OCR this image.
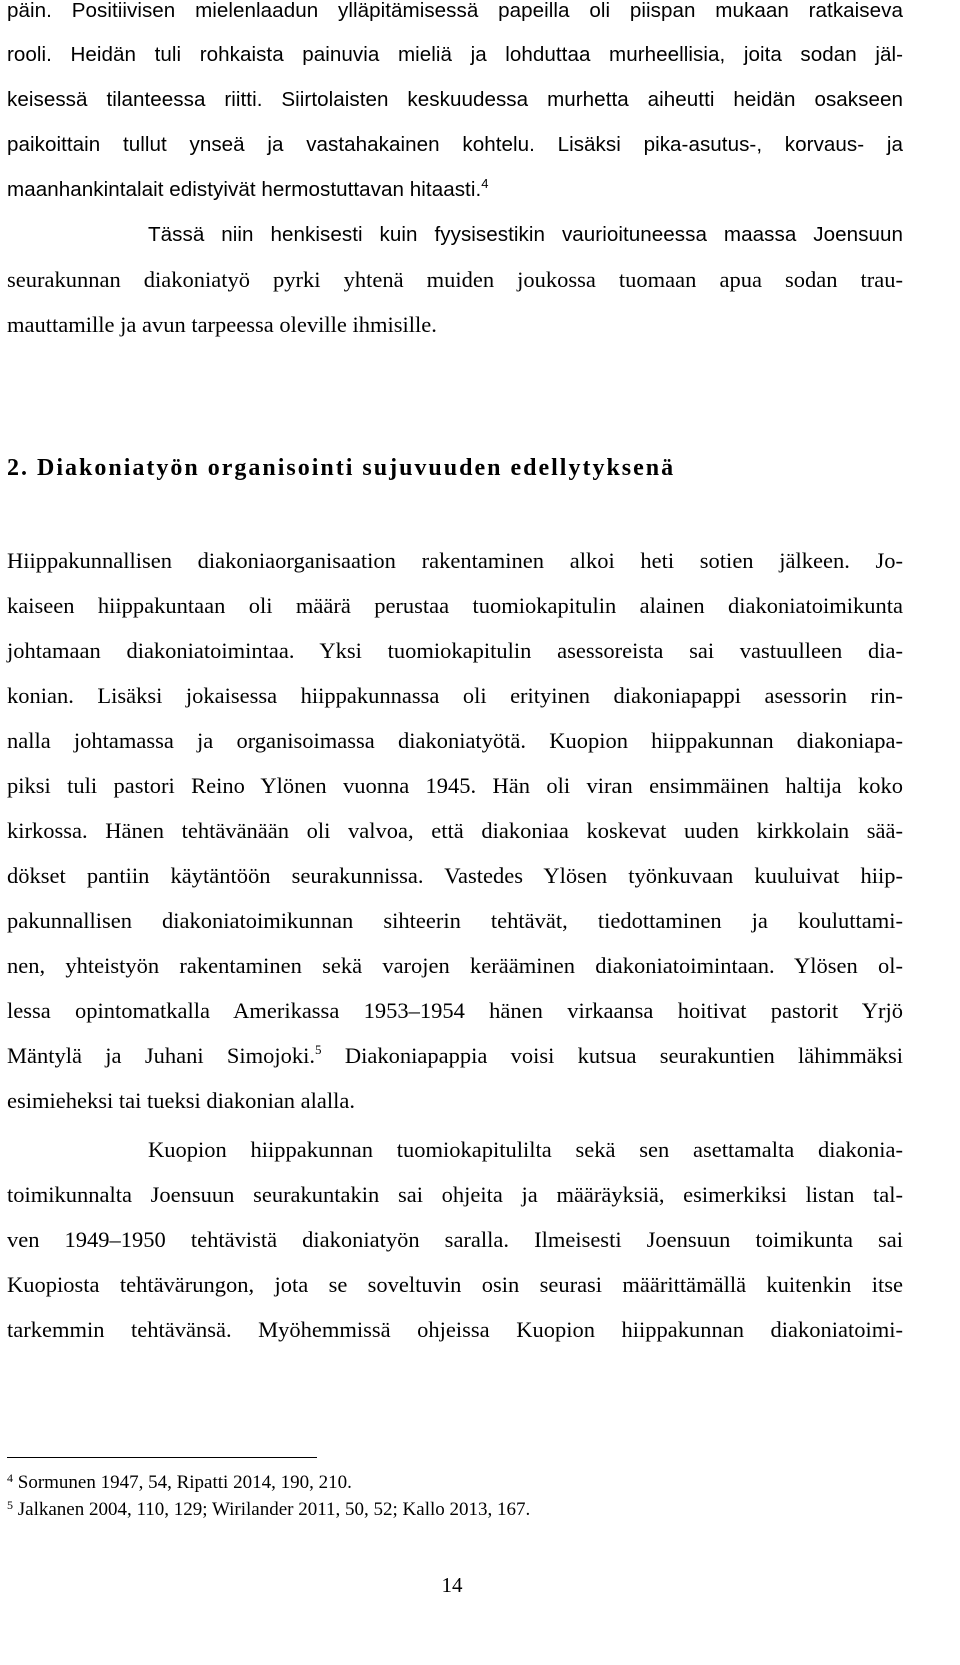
päin. Positiivisen mielenlaadun ylläpitämisessä papeilla oli piispan mukaan ratkaiseva
rooli. Heidän tuli rohkaista painuvia mieliä ja lohduttaa murheellisia, joita sodan jäl-
keisessä tilanteessa riitti. Siirtolaisten keskuudessa murhetta aiheutti heidän osakseen
paikoittain tullut ynseä ja vastahakainen kohtelu. Lisäksi pika-asutus-, korvaus- ja
maanhankintalait edistyivät hermostuttavan hitaasti.$^4$
Tässä niin henkisesti kuin fyysisestikin vaurioituneessa maassa Joensuun
seurakunnan diakoniatyö pyrki yhtenä muiden joukossa tuomaan apua sodan trau-
mauttamille ja avun tarpeessa oleville ihmisille.
2. Diakoniatyön organisointi sujuvuuden edellytyksenä
Hiippakunnallisen diakoniaorganisaation rakentaminen alkoi heti sotien jälkeen. Jo-
kaiseen hiippakuntaan oli määrä perustaa tuomiokapitulin alainen diakoniatoimikunta
johtamaan diakoniatoimintaa. Yksi tuomiokapitulin asessoreista sai vastuulleen dia-
konian. Lisäksi jokaisessa hiippakunnassa oli erityinen diakoniapappi asessorin rin-
nalla johtamassa ja organisoimassa diakoniatyötä. Kuopion hiippakunnan diakoniapa-
piksi tuli pastori Reino Ylönen vuonna 1945. Hän oli viran ensimmäinen haltija koko
kirkossa. Hänen tehtävänään oli valvoa, että diakoniaa koskevat uuden kirkkolain sää-
dökset pantiin käytäntöön seurakunnissa. Vastedes Ylösen työnkuvaan kuuluivat hiip-
pakunnallisen diakoniatoimikunnan sihteerin tehtävät, tiedottaminen ja kouluttami-
nen, yhteistyön rakentaminen sekä varojen kerääminen diakoniatoimintaan. Ylösen ol-
lessa opintomatkalla Amerikassa 1953–1954 hänen virkaansa hoitivat pastorit Yrjö
Mäntylä ja Juhani Simojoki.$^5$ Diakoniapappia voisi kutsua seurakuntien lähimmäksi
esimieheksi tai tueksi diakonian alalla.
Kuopion hiippakunnan tuomiokapitulilta sekä sen asettamalta diakonia-
toimikunnalta Joensuun seurakuntakin sai ohjeita ja määräyksiä, esimerkiksi listan tal-
ven 1949–1950 tehtävistä diakoniatyön saralla. Ilmeisesti Joensuun toimikunta sai
Kuopiosta tehtävärungon, jota se soveltuvin osin seurasi määrittämällä kuitenkin itse
tarkemmin tehtävänsä. Myöhemmissä ohjeissa Kuopion hiippakunnan diakoniatoimi-
$^4$ Sormunen 1947, 54, Ripatti 2014, 190, 210.
$^5$ Jalkanen 2004, 110, 129; Wirilander 2011, 50, 52; Kallo 2013, 167.
14
